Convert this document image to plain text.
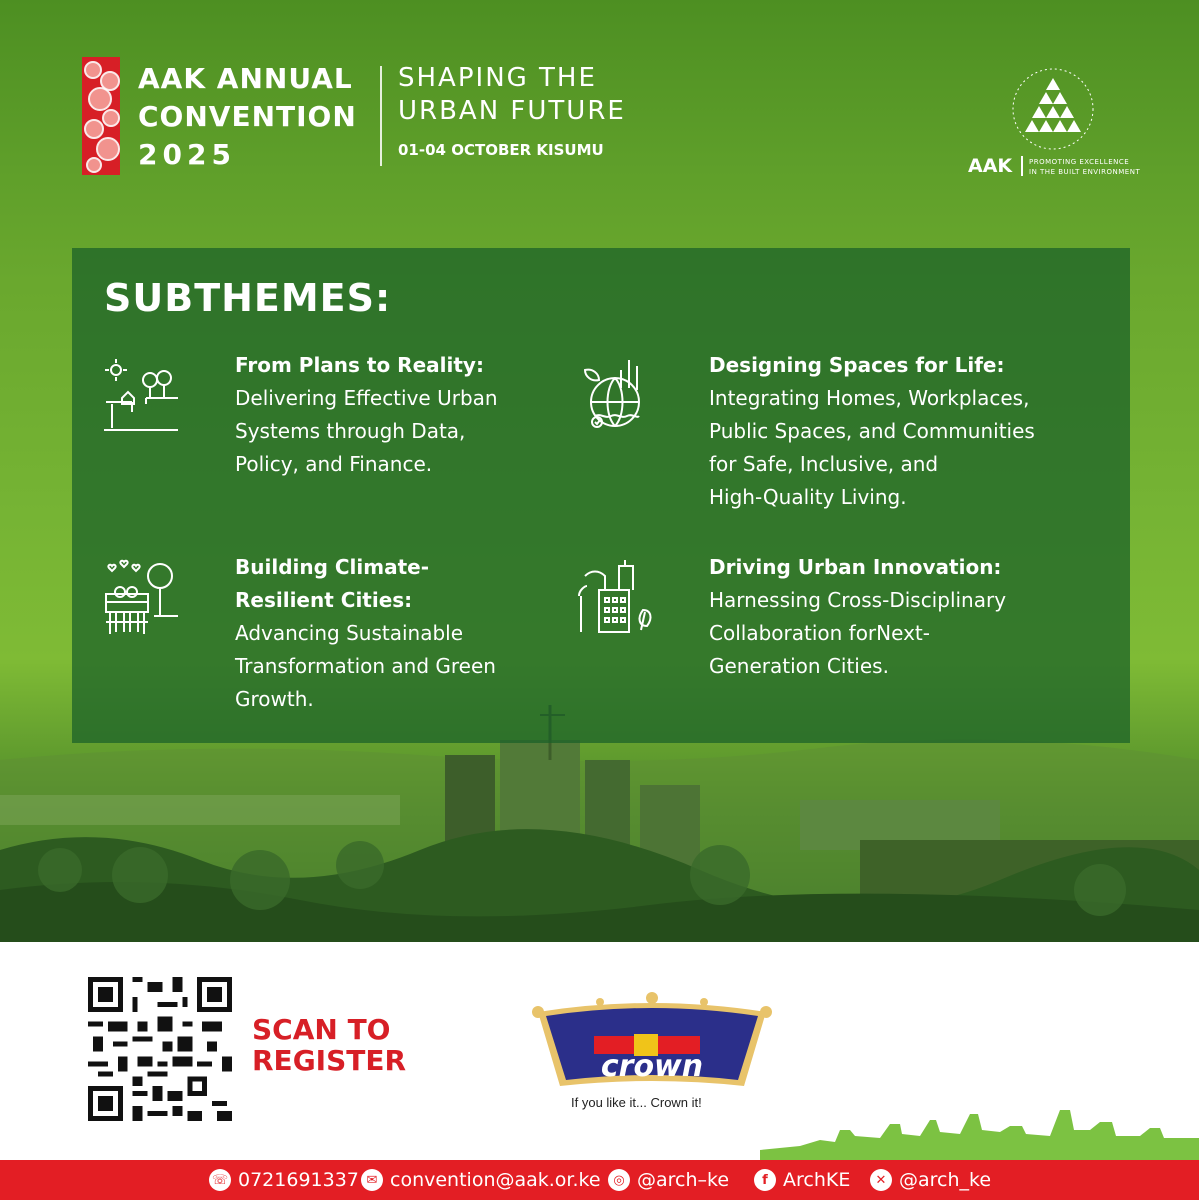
AAK ANNUAL
CONVENTION
2025
SHAPING THE
URBAN FUTURE
01-04 OCTOBER KISUMU
AAK PROMOTING EXCELLENCE
IN THE BUILT ENVIRONMENT
SUBTHEMES:
From Plans to Reality:
Delivering Effective Urban
Systems through Data,
Policy, and Finance.
Designing Spaces for Life:
Integrating Homes, Workplaces,
Public Spaces, and Communities
for Safe, Inclusive, and
High-Quality Living.
Building Climate-
Resilient Cities:
Advancing Sustainable
Transformation and Green
Growth.
Driving Urban Innovation:
Harnessing Cross-Disciplinary
Collaboration forNext-
Generation Cities.
SCAN TO
REGISTER	crown
If you like it... Crown it!
☏ 0721691337 ✉ convention@aak.or.ke ◎ @arch–ke	f ArchKE	✕ @arch_ke
